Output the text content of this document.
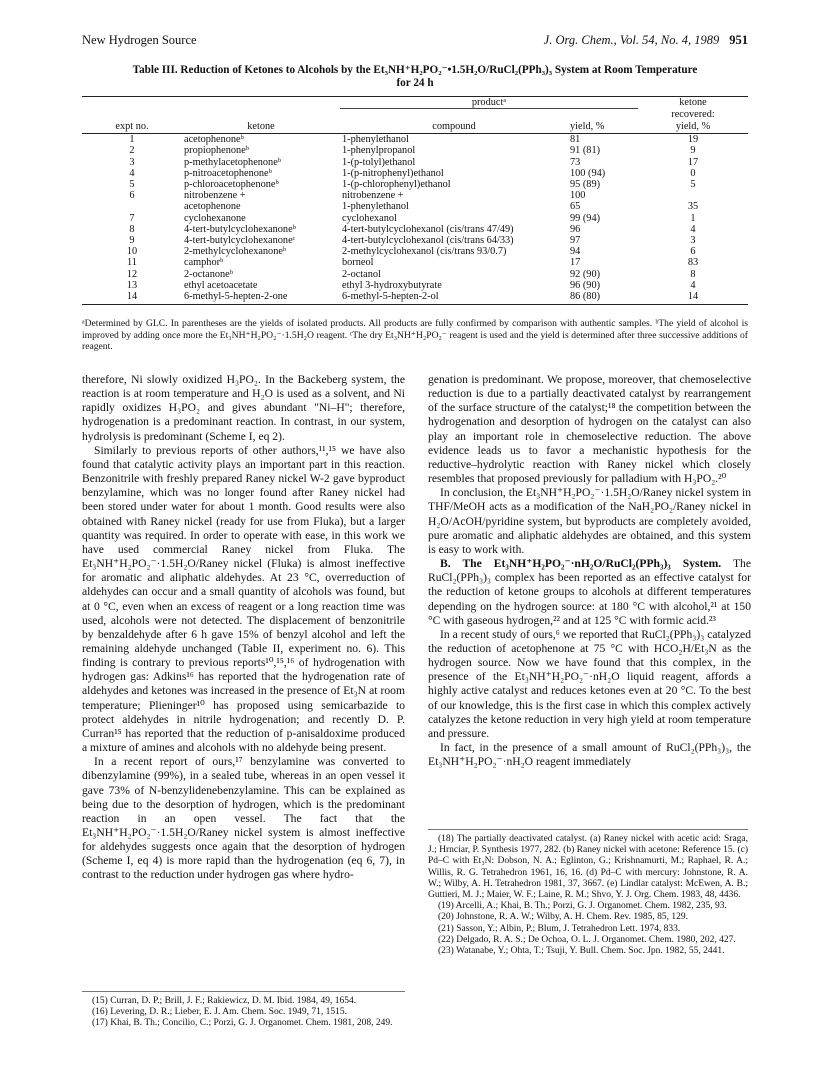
New Hydrogen Source	J. Org. Chem., Vol. 54, No. 4, 1989 951
Table III. Reduction of Ketones to Alcohols by the Et₃NH⁺H₂PO₂⁻•1.5H₂O/RuCl₂(PPh₃)₃ System at Room Temperature
for 24 h
		productᵃ		ketone
				recovered:
expt no.	ketone	compound	yield, %	yield, %
1	acetophenoneᵇ	1-phenylethanol	81	19
2	propiophenoneᵇ	1-phenylpropanol	91 (81)	9
3	p-methylacetophenoneᵇ	1-(p-tolyl)ethanol	73	17
4	p-nitroacetophenoneᵇ	1-(p-nitrophenyl)ethanol	100 (94)	0
5	p-chloroacetophenoneᵇ	1-(p-chlorophenyl)ethanol	95 (89)	5
6	nitrobenzene +	nitrobenzene +	100	
	acetophenone	1-phenylethanol	65	35
7	cyclohexanone	cyclohexanol	99 (94)	1
8	4-tert-butylcyclohexanoneᵇ	4-tert-butylcyclohexanol (cis/trans 47/49)	96	4
9	4-tert-butylcyclohexanoneᶜ	4-tert-butylcyclohexanol (cis/trans 64/33)	97	3
10	2-methylcyclohexanoneᵇ	2-methylcyclohexanol (cis/trans 93/0.7)	94	6
11	camphorᵇ	borneol	17	83
12	2-octanoneᵇ	2-octanol	92 (90)	8
13	ethyl acetoacetate	ethyl 3-hydroxybutyrate	96 (90)	4
14	6-methyl-5-hepten-2-one	6-methyl-5-hepten-2-ol	86 (80)	14
ᵃDetermined by GLC. In parentheses are the yields of isolated products. All products are fully confirmed by comparison with authentic samples. ᵇThe yield of alcohol is improved by adding once more the Et₃NH⁺H₂PO₂⁻·1.5H₂O reagent. ᶜThe dry Et₃NH⁺H₂PO₂⁻ reagent is used and the yield is determined after three successive additions of reagent.

therefore, Ni slowly oxidized H₃PO₂. In the Backeberg system, the reaction is at room temperature and H₂O is used as a solvent, and Ni rapidly oxidizes H₃PO₂ and gives abundant "Ni–H"; therefore, hydrogenation is a predominant reaction. In contrast, in our system, hydrolysis is predominant (Scheme I, eq 2).

Similarly to previous reports of other authors,¹¹,¹⁵ we have also found that catalytic activity plays an important part in this reaction. Benzonitrile with freshly prepared Raney nickel W-2 gave byproduct benzylamine, which was no longer found after Raney nickel had been stored under water for about 1 month. Good results were also obtained with Raney nickel (ready for use from Fluka), but a larger quantity was required. In order to operate with ease, in this work we have used commercial Raney nickel from Fluka. The Et₃NH⁺H₂PO₂⁻·1.5H₂O/Raney nickel (Fluka) is almost ineffective for aromatic and aliphatic aldehydes. At 23 °C, overreduction of aldehydes can occur and a small quantity of alcohols was found, but at 0 °C, even when an excess of reagent or a long reaction time was used, alcohols were not detected. The displacement of benzonitrile by benzaldehyde after 6 h gave 15% of benzyl alcohol and left the remaining aldehyde unchanged (Table II, experiment no. 6). This finding is contrary to previous reports¹⁰,¹⁵,¹⁶ of hydrogenation with hydrogen gas: Adkins¹⁶ has reported that the hydrogenation rate of aldehydes and ketones was increased in the presence of Et₃N at room temperature; Plieninger¹⁰ has proposed using semicarbazide to protect aldehydes in nitrile hydrogenation; and recently D. P. Curran¹⁵ has reported that the reduction of p-anisaldoxime produced a mixture of amines and alcohols with no aldehyde being present.

In a recent report of ours,¹⁷ benzylamine was converted to dibenzylamine (99%), in a sealed tube, whereas in an open vessel it gave 73% of N-benzylidenebenzylamine. This can be explained as being due to the desorption of hydrogen, which is the predominant reaction in an open vessel. The fact that the Et₃NH⁺H₂PO₂⁻·1.5H₂O/Raney nickel system is almost ineffective for aldehydes suggests once again that the desorption of hydrogen (Scheme I, eq 4) is more rapid than the hydrogenation (eq 6, 7), in contrast to the reduction under hydrogen gas where hydro-

genation is predominant. We propose, moreover, that chemoselective reduction is due to a partially deactivated catalyst by rearrangement of the surface structure of the catalyst;¹⁸ the competition between the hydrogenation and desorption of hydrogen on the catalyst can also play an important role in chemoselective reduction. The above evidence leads us to favor a mechanistic hypothesis for the reductive–hydrolytic reaction with Raney nickel which closely resembles that proposed previously for palladium with H₃PO₂.²⁰

In conclusion, the Et₃NH⁺H₂PO₂⁻·1.5H₂O/Raney nickel system in THF/MeOH acts as a modification of the NaH₂PO₂/Raney nickel in H₂O/AcOH/pyridine system, but byproducts are completely avoided, pure aromatic and aliphatic aldehydes are obtained, and this system is easy to work with.

B. The Et₃NH⁺H₂PO₂⁻·nH₂O/RuCl₂(PPh₃)₃ System. The RuCl₂(PPh₃)₃ complex has been reported as an effective catalyst for the reduction of ketone groups to alcohols at different temperatures depending on the hydrogen source: at 180 °C with alcohol,²¹ at 150 °C with gaseous hydrogen,²² and at 125 °C with formic acid.²³

In a recent study of ours,⁶ we reported that RuCl₂(PPh₃)₃ catalyzed the reduction of acetophenone at 75 °C with HCO₂H/Et₃N as the hydrogen source. Now we have found that this complex, in the presence of the Et₃NH⁺H₂PO₂⁻·nH₂O liquid reagent, affords a highly active catalyst and reduces ketones even at 20 °C. To the best of our knowledge, this is the first case in which this complex actively catalyzes the ketone reduction in very high yield at room temperature and pressure.

In fact, in the presence of a small amount of RuCl₂(PPh₃)₃, the Et₃NH⁺H₂PO₂⁻·nH₂O reagent immediately

(18) The partially deactivated catalyst. (a) Raney nickel with acetic acid: Sraga, J.; Hrnciar, P. Synthesis 1977, 282. (b) Raney nickel with acetone: Reference 15. (c) Pd–C with Et₃N: Dobson, N. A.; Eglinton, G.; Krishnamurti, M.; Raphael, R. A.; Willis, R. G. Tetrahedron 1961, 16, 16. (d) Pd–C with mercury: Johnstone, R. A. W.; Wilby, A. H. Tetrahedron 1981, 37, 3667. (e) Lindlar catalyst: McEwen, A. B.; Guttieri, M. J.; Maier, W. F.; Laine, R. M.; Shvo, Y. J. Org. Chem. 1983, 48, 4436.

(19) Arcelli, A.; Khai, B. Th.; Porzi, G. J. Organomet. Chem. 1982, 235, 93.

(20) Johnstone, R. A. W.; Wilby, A. H. Chem. Rev. 1985, 85, 129.

(21) Sasson, Y.; Albin, P.; Blum, J. Tetrahedron Lett. 1974, 833.

(22) Delgado, R. A. S.; De Ochoa, O. L. J. Organomet. Chem. 1980, 202, 427.

(23) Watanabe, Y.; Ohta, T.; Tsuji, Y. Bull. Chem. Soc. Jpn. 1982, 55, 2441.

(15) Curran, D. P.; Brill, J. F.; Rakiewicz, D. M. Ibid. 1984, 49, 1654.

(16) Levering, D. R.; Lieber, E. J. Am. Chem. Soc. 1949, 71, 1515.

(17) Khai, B. Th.; Concilio, C.; Porzi, G. J. Organomet. Chem. 1981, 208, 249.
